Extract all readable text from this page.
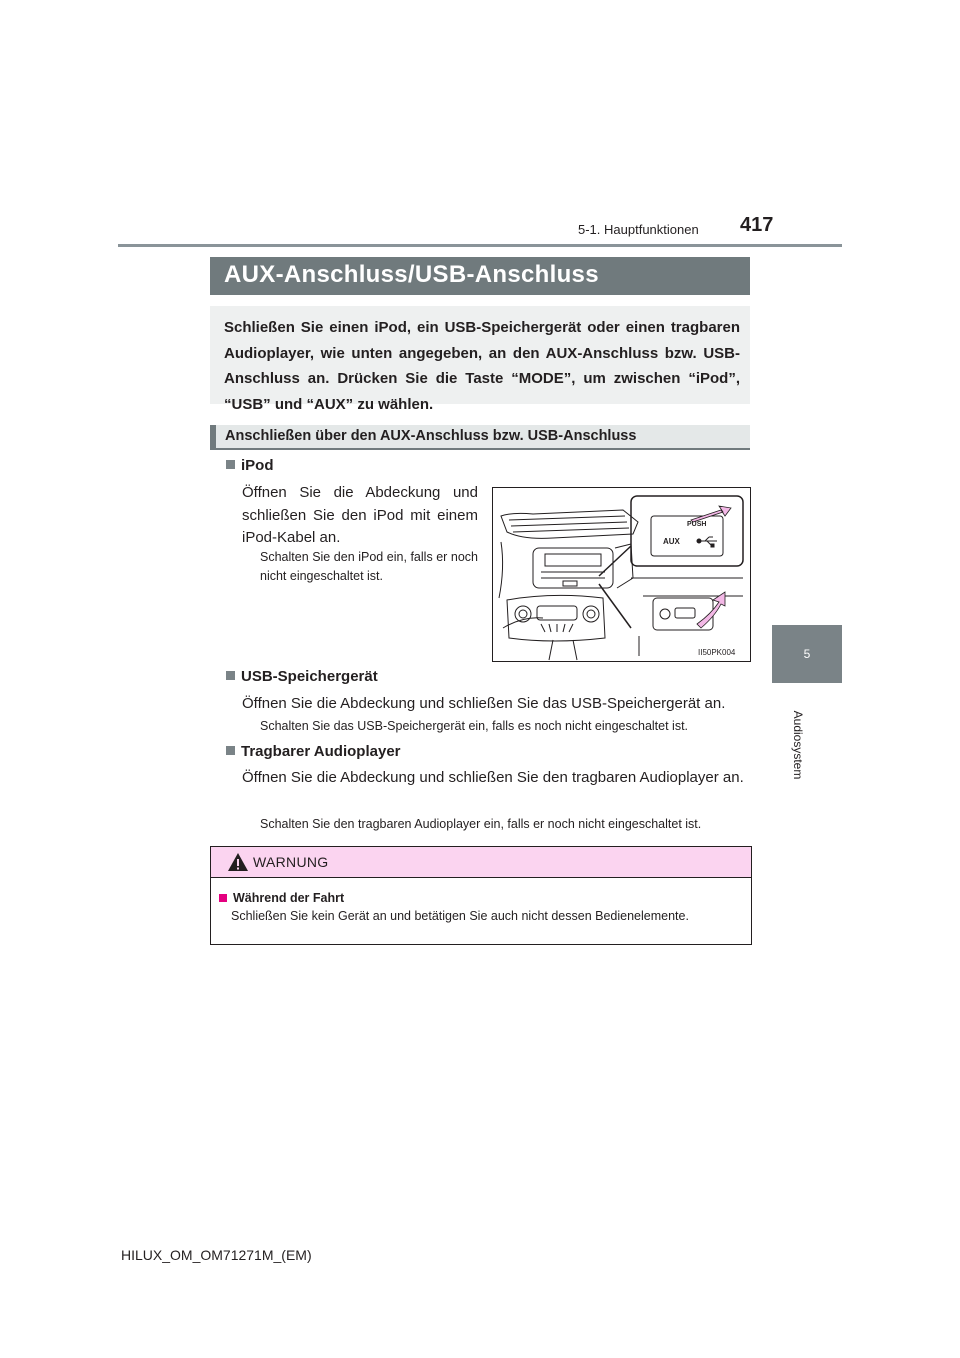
5-1. Hauptfunktionen 417
5
Audiosystem
AUX-Anschluss/USB-Anschluss

Schließen Sie einen iPod, ein USB-Speichergerät oder einen tragbaren Audioplayer, wie unten angegeben, an den AUX-Anschluss bzw. USB-Anschluss an. Drücken Sie die Taste “MODE”, um zwischen “iPod”, “USB” und “AUX” zu wählen.

Anschließen über den AUX-Anschluss bzw. USB-Anschluss
iPod
Öffnen Sie die Abdeckung und schließen Sie den iPod mit einem iPod-Kabel an.
Schalten Sie den iPod ein, falls er noch nicht eingeschaltet ist.
PUSH
AUX
II50PK004
USB-Speichergerät
Öffnen Sie die Abdeckung und schließen Sie das USB-Speichergerät an.
Schalten Sie das USB-Speichergerät ein, falls es noch nicht eingeschaltet ist.
Tragbarer Audioplayer
Öffnen Sie die Abdeckung und schließen Sie den tragbaren Audioplayer an.
Schalten Sie den tragbaren Audioplayer ein, falls er noch nicht eingeschaltet ist.
WARNUNG
Während der Fahrt
Schließen Sie kein Gerät an und betätigen Sie auch nicht dessen Bedienelemente.
HILUX_OM_OM71271M_(EM)
